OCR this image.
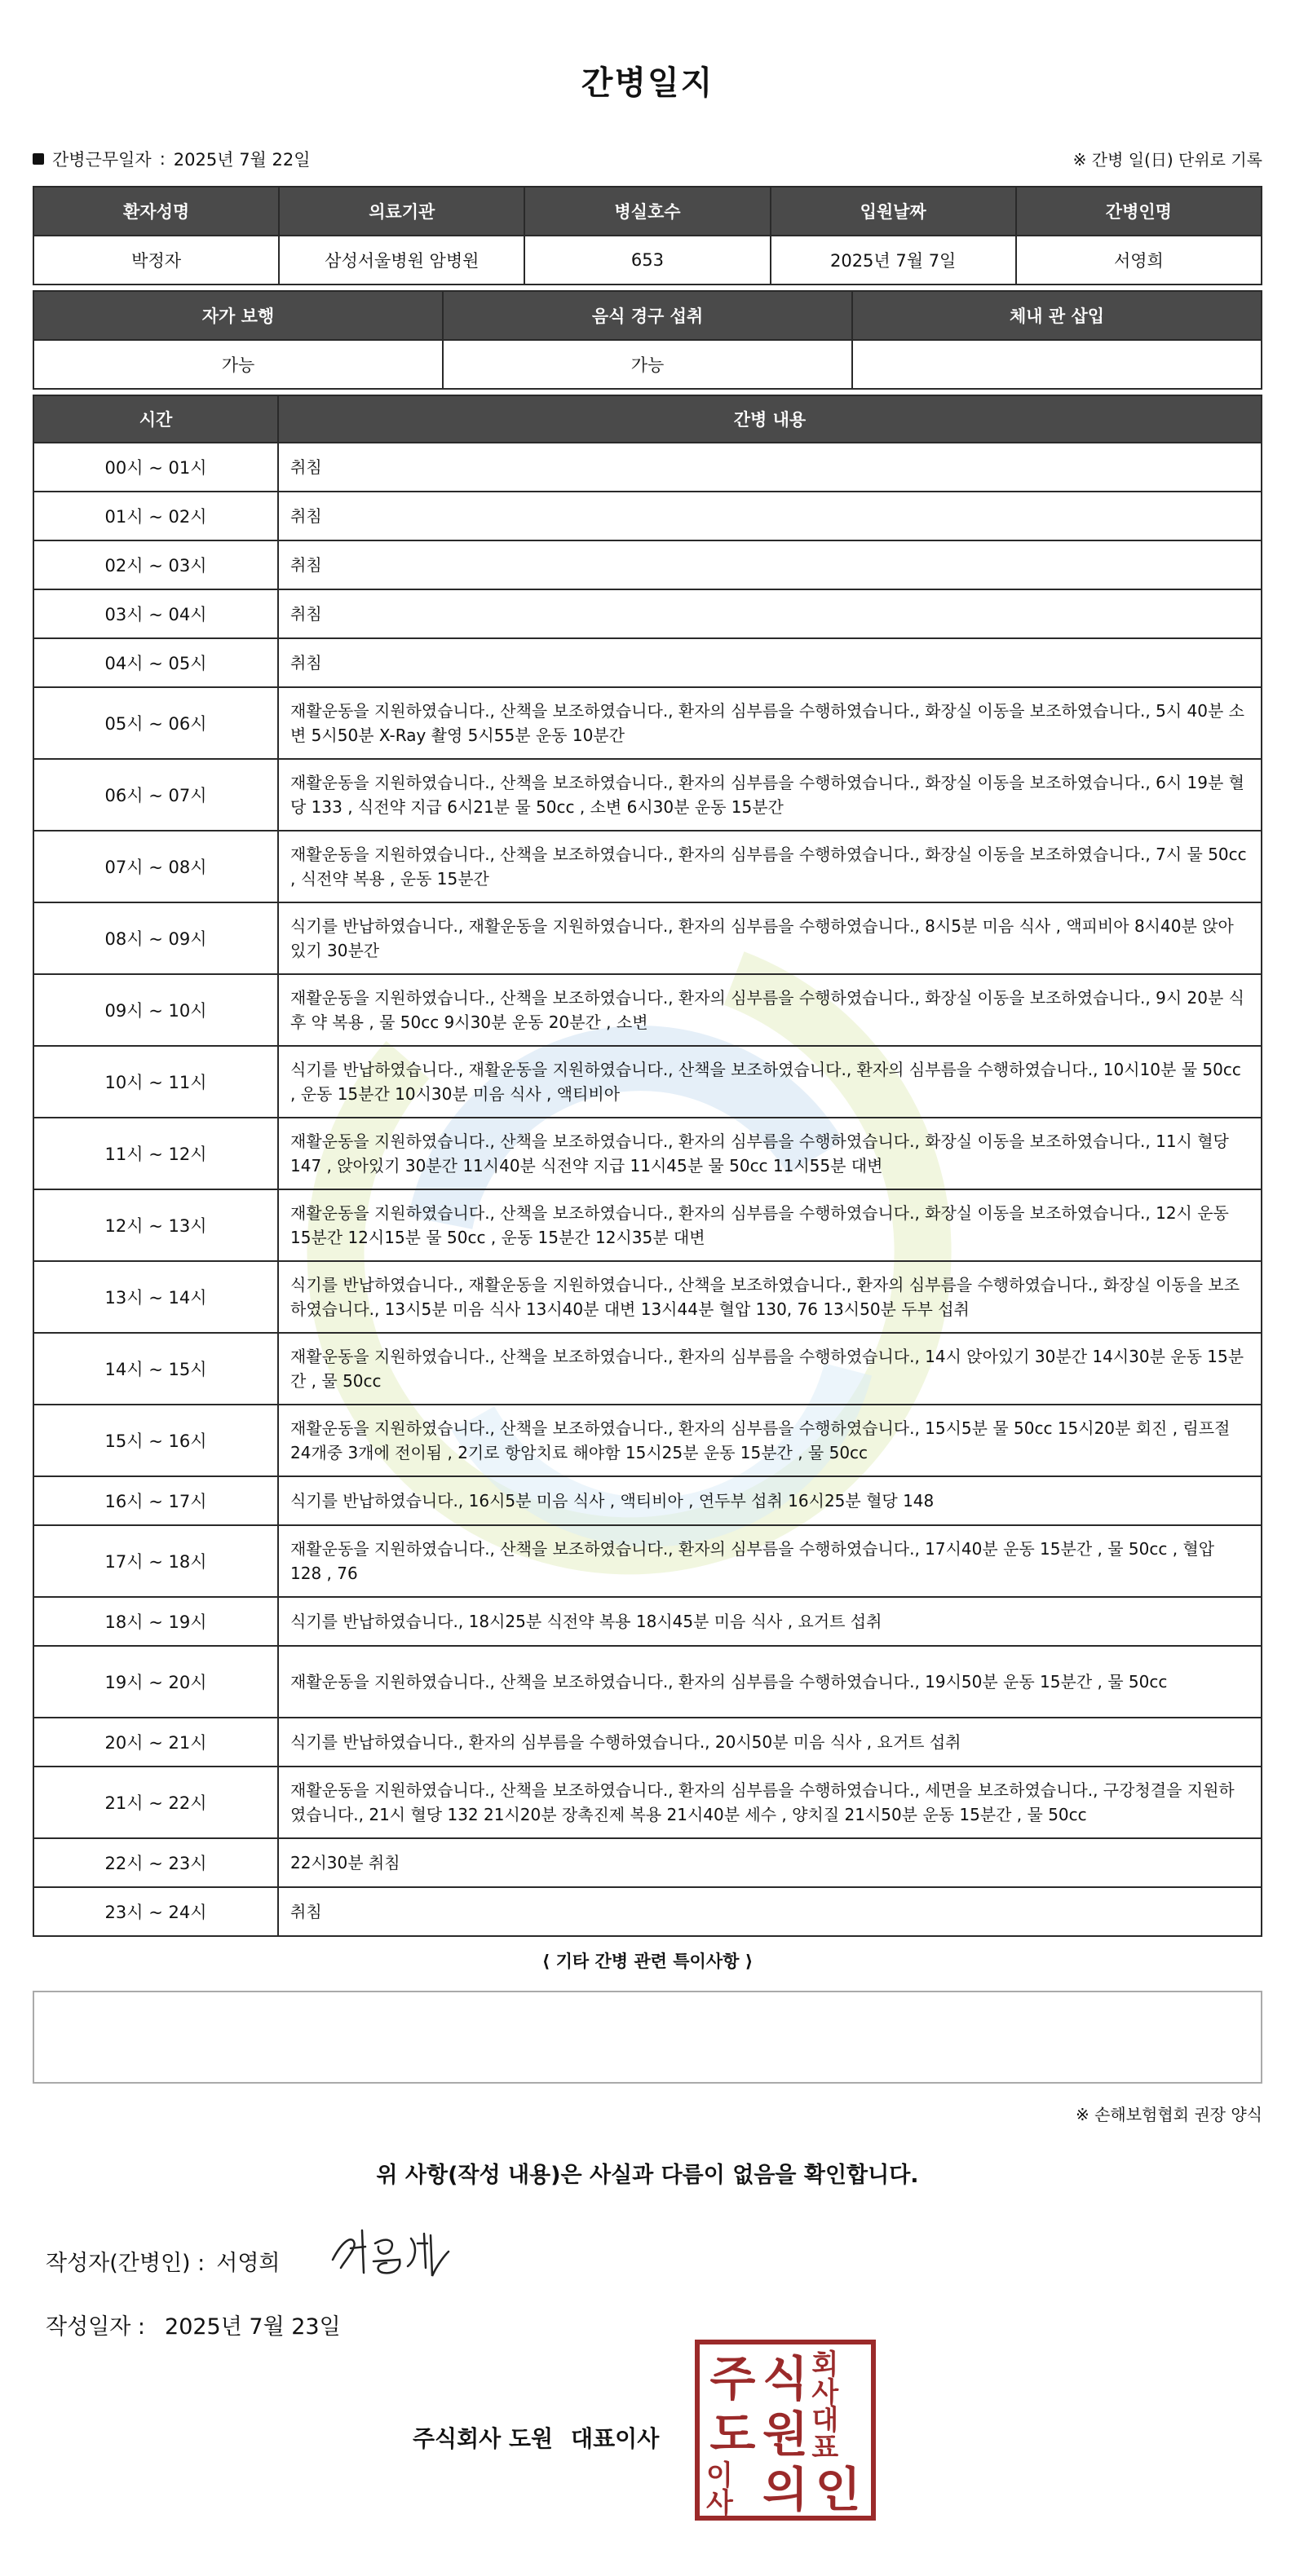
간병일지
간병근무일자 : 2025년 7월 22일	※ 간병 일(日) 단위로 기록
환자성명	의료기관	병실호수	입원날짜	간병인명
박정자	삼성서울병원 암병원	653	2025년 7월 7일	서영희
자가 보행	음식 경구 섭취	체내 관 삽입
가능	가능	
시간	간병 내용
00시 ~ 01시	취침
01시 ~ 02시	취침
02시 ~ 03시	취침
03시 ~ 04시	취침
04시 ~ 05시	취침
05시 ~ 06시	재활운동을 지원하였습니다., 산책을 보조하였습니다., 환자의 심부름을 수행하였습니다., 화장실 이동을 보조하였습니다., 5시 40분 소변 5시50분 X-Ray 촬영 5시55분 운동 10분간
06시 ~ 07시	재활운동을 지원하였습니다., 산책을 보조하였습니다., 환자의 심부름을 수행하였습니다., 화장실 이동을 보조하였습니다., 6시 19분 혈당 133 , 식전약 지급 6시21분 물 50cc , 소변 6시30분 운동 15분간
07시 ~ 08시	재활운동을 지원하였습니다., 산책을 보조하였습니다., 환자의 심부름을 수행하였습니다., 화장실 이동을 보조하였습니다., 7시 물 50cc , 식전약 복용 , 운동 15분간
08시 ~ 09시	식기를 반납하였습니다., 재활운동을 지원하였습니다., 환자의 심부름을 수행하였습니다., 8시5분 미음 식사 , 액피비아 8시40분 앉아있기 30분간
09시 ~ 10시	재활운동을 지원하였습니다., 산책을 보조하였습니다., 환자의 심부름을 수행하였습니다., 화장실 이동을 보조하였습니다., 9시 20분 식후 약 복용 , 물 50cc 9시30분 운동 20분간 , 소변
10시 ~ 11시	식기를 반납하였습니다., 재활운동을 지원하였습니다., 산책을 보조하였습니다., 환자의 심부름을 수행하였습니다., 10시10분 물 50cc , 운동 15분간 10시30분 미음 식사 , 액티비아
11시 ~ 12시	재활운동을 지원하였습니다., 산책을 보조하였습니다., 환자의 심부름을 수행하였습니다., 화장실 이동을 보조하였습니다., 11시 혈당 147 , 앉아있기 30분간 11시40분 식전약 지급 11시45분 물 50cc 11시55분 대변
12시 ~ 13시	재활운동을 지원하였습니다., 산책을 보조하였습니다., 환자의 심부름을 수행하였습니다., 화장실 이동을 보조하였습니다., 12시 운동 15분간 12시15분 물 50cc , 운동 15분간 12시35분 대변
13시 ~ 14시	식기를 반납하였습니다., 재활운동을 지원하였습니다., 산책을 보조하였습니다., 환자의 심부름을 수행하였습니다., 화장실 이동을 보조하였습니다., 13시5분 미음 식사 13시40분 대변 13시44분 혈압 130, 76 13시50분 두부 섭취
14시 ~ 15시	재활운동을 지원하였습니다., 산책을 보조하였습니다., 환자의 심부름을 수행하였습니다., 14시 앉아있기 30분간 14시30분 운동 15분간 , 물 50cc
15시 ~ 16시	재활운동을 지원하였습니다., 산책을 보조하였습니다., 환자의 심부름을 수행하였습니다., 15시5분 물 50cc 15시20분 회진 , 림프절 24개중 3개에 전이됨 , 2기로 항암치료 해야함 15시25분 운동 15분간 , 물 50cc
16시 ~ 17시	식기를 반납하였습니다., 16시5분 미음 식사 , 액티비아 , 연두부 섭취 16시25분 혈당 148
17시 ~ 18시	재활운동을 지원하였습니다., 산책을 보조하였습니다., 환자의 심부름을 수행하였습니다., 17시40분 운동 15분간 , 물 50cc , 혈압 128 , 76
18시 ~ 19시	식기를 반납하였습니다., 18시25분 식전약 복용 18시45분 미음 식사 , 요거트 섭취
19시 ~ 20시	재활운동을 지원하였습니다., 산책을 보조하였습니다., 환자의 심부름을 수행하였습니다., 19시50분 운동 15분간 , 물 50cc
20시 ~ 21시	식기를 반납하였습니다., 환자의 심부름을 수행하였습니다., 20시50분 미음 식사 , 요거트 섭취
21시 ~ 22시	재활운동을 지원하였습니다., 산책을 보조하였습니다., 환자의 심부름을 수행하였습니다., 세면을 보조하였습니다., 구강청결을 지원하였습니다., 21시 혈당 132 21시20분 장촉진제 복용 21시40분 세수 , 양치질 21시50분 운동 15분간 , 물 50cc
22시 ~ 23시	22시30분 취침
23시 ~ 24시	취침
⟨ 기타 간병 관련 특이사항 ⟩
※ 손해보험협회 권장 양식
위 사항(작성 내용)은 사실과 다름이 없음을 확인합니다.
작성자(간병인) : 서영희
작성일자 : 2025년 7월 23일
주식회사 도원 대표이사
주 식 회사
도 원 대표
이사 의 인
